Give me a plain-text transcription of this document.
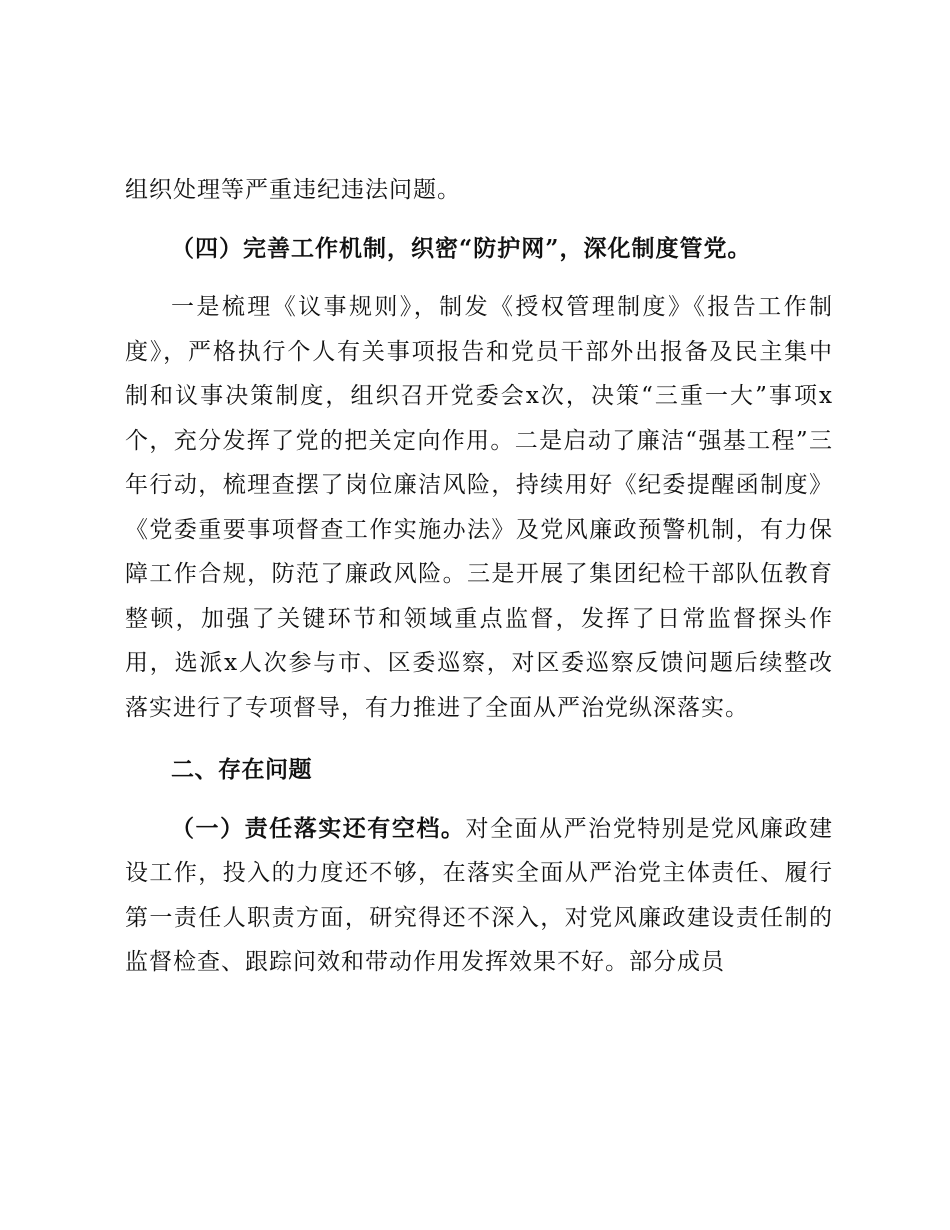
组织处理等严重违纪违法问题。

（四）完善工作机制，织密“防护网”，深化制度管党。

一是梳理《议事规则》，制发《授权管理制度》《报告工作制度》，严格执行个人有关事项报告和党员干部外出报备及民主集中制和议事决策制度，组织召开党委会x次，决策“三重一大”事项x个，充分发挥了党的把关定向作用。二是启动了廉洁“强基工程”三年行动，梳理查摆了岗位廉洁风险，持续用好《纪委提醒函制度》《党委重要事项督查工作实施办法》及党风廉政预警机制，有力保障工作合规，防范了廉政风险。三是开展了集团纪检干部队伍教育整顿，加强了关键环节和领域重点监督，发挥了日常监督探头作用，选派x人次参与市、区委巡察，对区委巡察反馈问题后续整改落实进行了专项督导，有力推进了全面从严治党纵深落实。

二、存在问题

（一）责任落实还有空档。对全面从严治党特别是党风廉政建设工作，投入的力度还不够，在落实全面从严治党主体责任、履行第一责任人职责方面，研究得还不深入，对党风廉政建设责任制的监督检查、跟踪问效和带动作用发挥效果不好。部分成员
